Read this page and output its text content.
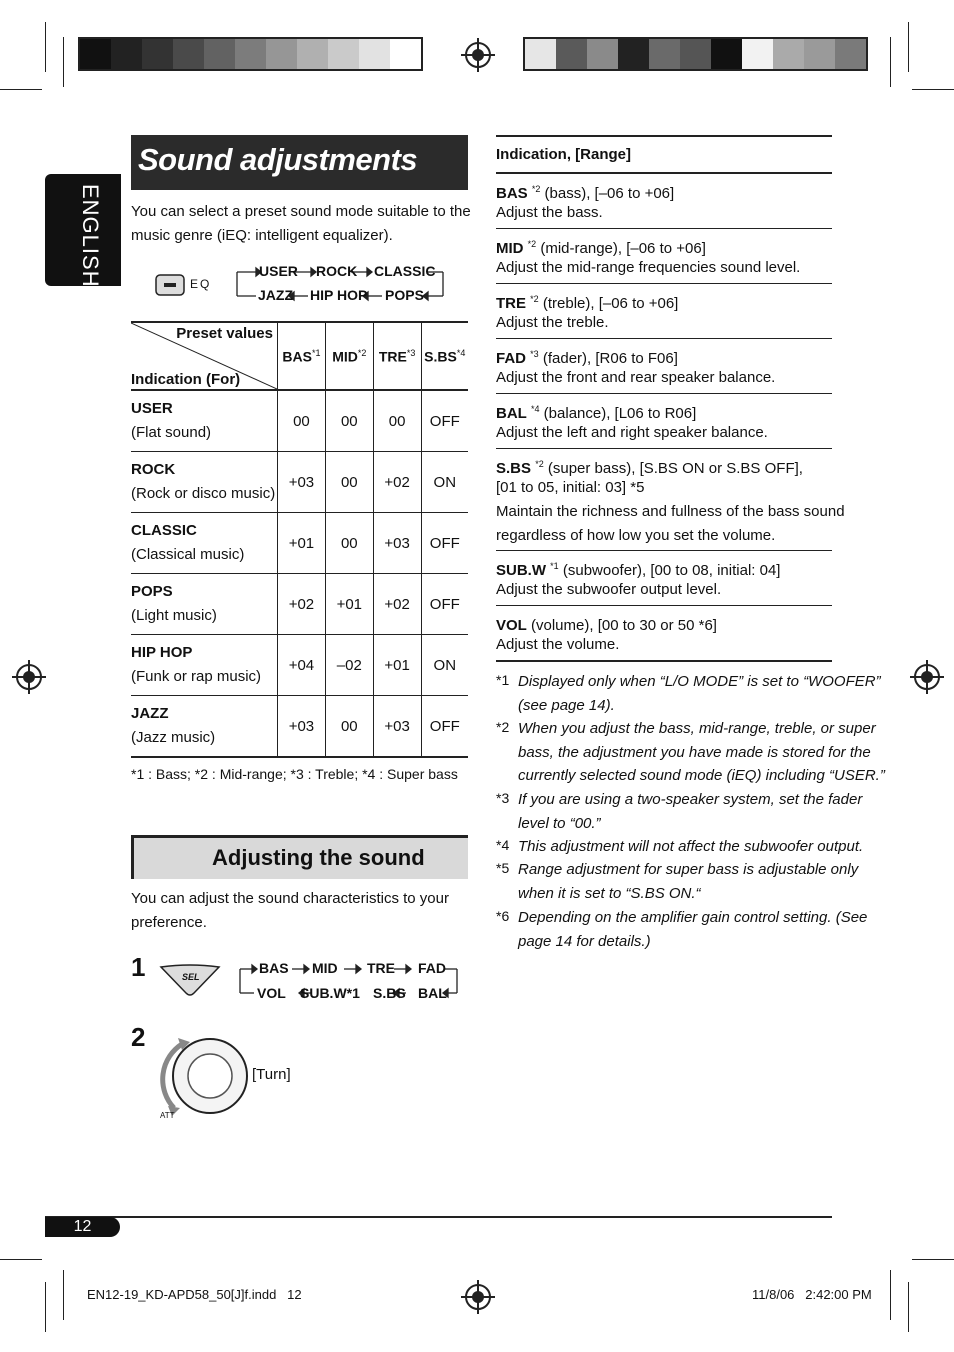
ENGLISH
Sound adjustments
You can select a preset sound mode suitable to the
music genre (iEQ: intelligent equalizer).
EQ
USER ROCK CLASSIC
JAZZ HIP HOP POPS
Preset values
Indication (For)	BAS$^{*1}$	MID$^{*2}$	TRE$^{*3}$	S.BS$^{*4}$

USER
(Flat sound)	00	00	00	OFF

ROCK
(Rock or disco music)	+03	00	+02	ON

CLASSIC
(Classical music)	+01	00	+03	OFF

POPS
(Light music)	+02	+01	+02	OFF

HIP HOP
(Funk or rap music)	+04	–02	+01	ON

JAZZ
(Jazz music)	+03	00	+03	OFF
*1 : Bass; *2 : Mid-range; *3 : Treble; *4 : Super bass
Adjusting the sound
You can adjust the sound characteristics to your
preference.
1	SEL
BAS MID TRE FAD
VOL SUB.W*1 S.BS BAL
2
ATT
[Turn]
Indication, [Range]
BAS $^{*2}$ (bass), [–06 to +06]
Adjust the bass.
MID $^{*2}$ (mid-range), [–06 to +06]
Adjust the mid-range frequencies sound level.
TRE $^{*2}$ (treble), [–06 to +06]
Adjust the treble.
FAD $^{*3}$ (fader), [R06 to F06]
Adjust the front and rear speaker balance.
BAL $^{*4}$ (balance), [L06 to R06]
Adjust the left and right speaker balance.
S.BS $^{*2}$ (super bass), [S.BS ON or S.BS OFF],
[01 to 05, initial: 03] *5
Maintain the richness and fullness of the bass sound
regardless of how low you set the volume.
SUB.W $^{*1}$ (subwoofer), [00 to 08, initial: 04]
Adjust the subwoofer output level.
VOL (volume), [00 to 30 or 50 *6]
Adjust the volume.
*1 Displayed only when “L/O MODE” is set to “WOOFER”
(see page 14).
*2 When you adjust the bass, mid-range, treble, or super
bass, the adjustment you have made is stored for the
currently selected sound mode (iEQ) including “USER.”
*3 If you are using a two-speaker system, set the fader
level to “00.”
*4 This adjustment will not affect the subwoofer output.
*5 Range adjustment for super bass is adjustable only
when it is set to “S.BS ON.“
*6 Depending on the amplifier gain control setting. (See
page 14 for details.)
12
EN12-19_KD-APD58_50[J]f.indd   12	11/8/06   2:42:00 PM
